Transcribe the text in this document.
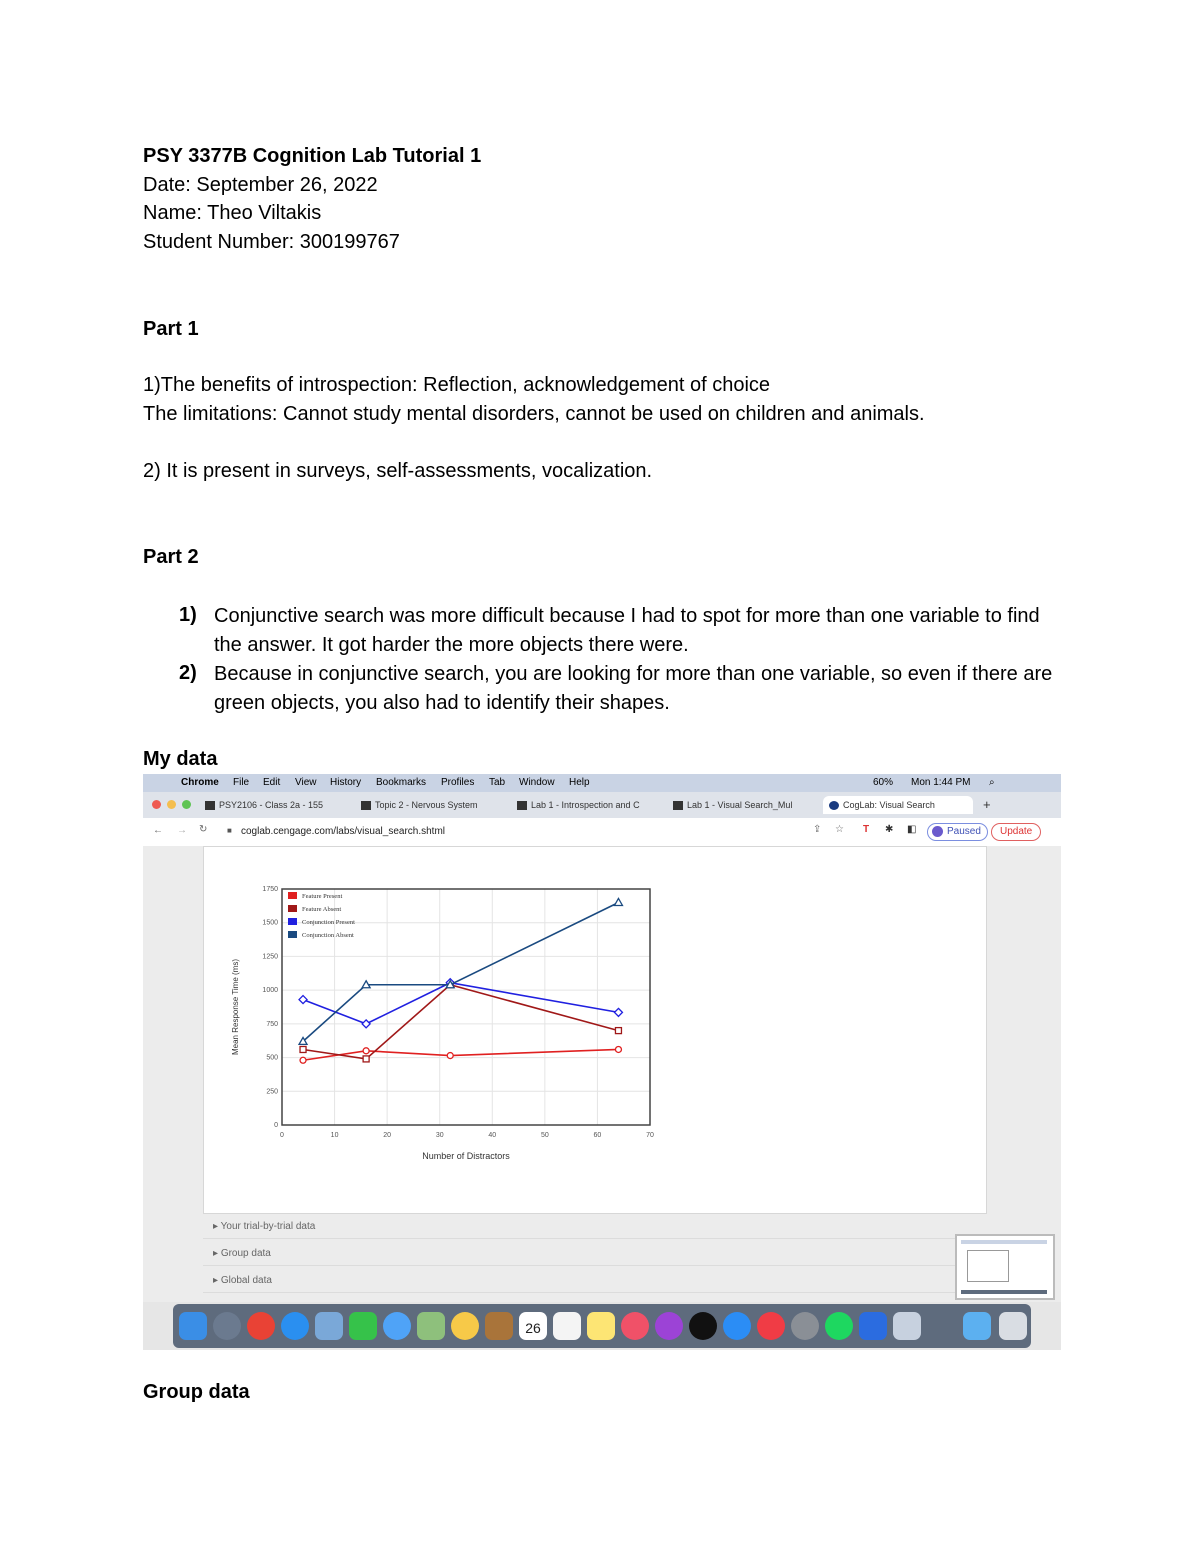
PSY 3377B Cognition Lab Tutorial 1
Date: September 26, 2022
Name: Theo Viltakis
Student Number: 300199767
Part 1
1)The benefits of introspection: Reflection, acknowledgement of choice
The limitations: Cannot study mental disorders, cannot be used on children and animals.
2) It is present in surveys, self-assessments, vocalization.
Part 2
1) Conjunctive search was more difficult because I had to spot for more than one variable to find the answer. It got harder the more objects there were.
2) Because in conjunctive search, you are looking for more than one variable, so even if there are green objects, you also had to identify their shapes.
My data
Group data
Chrome File Edit View History Bookmarks Profiles Tab Window Help	60% Mon 1:44 PM ⌕
PSY2106 - Class 2a - 155	Topic 2 - Nervous System	Lab 1 - Introspection and C	Lab 1 - Visual Search_Mul	CogLab: Visual Search	+
← → ↻ ■ coglab.cengage.com/labs/visual_search.shtml	⇪ ☆ T ✱ ◧	Paused	Update
0	10	20	30	40	50	60	70
0
250
500
750
1000
1250
1500
1750
Number of Distractors
Mean Response Time (ms)
Feature Present
Feature Absent
Conjunction Present
Conjunction Absent
▸ Your trial-by-trial data
▸ Group data
▸ Global data
26
